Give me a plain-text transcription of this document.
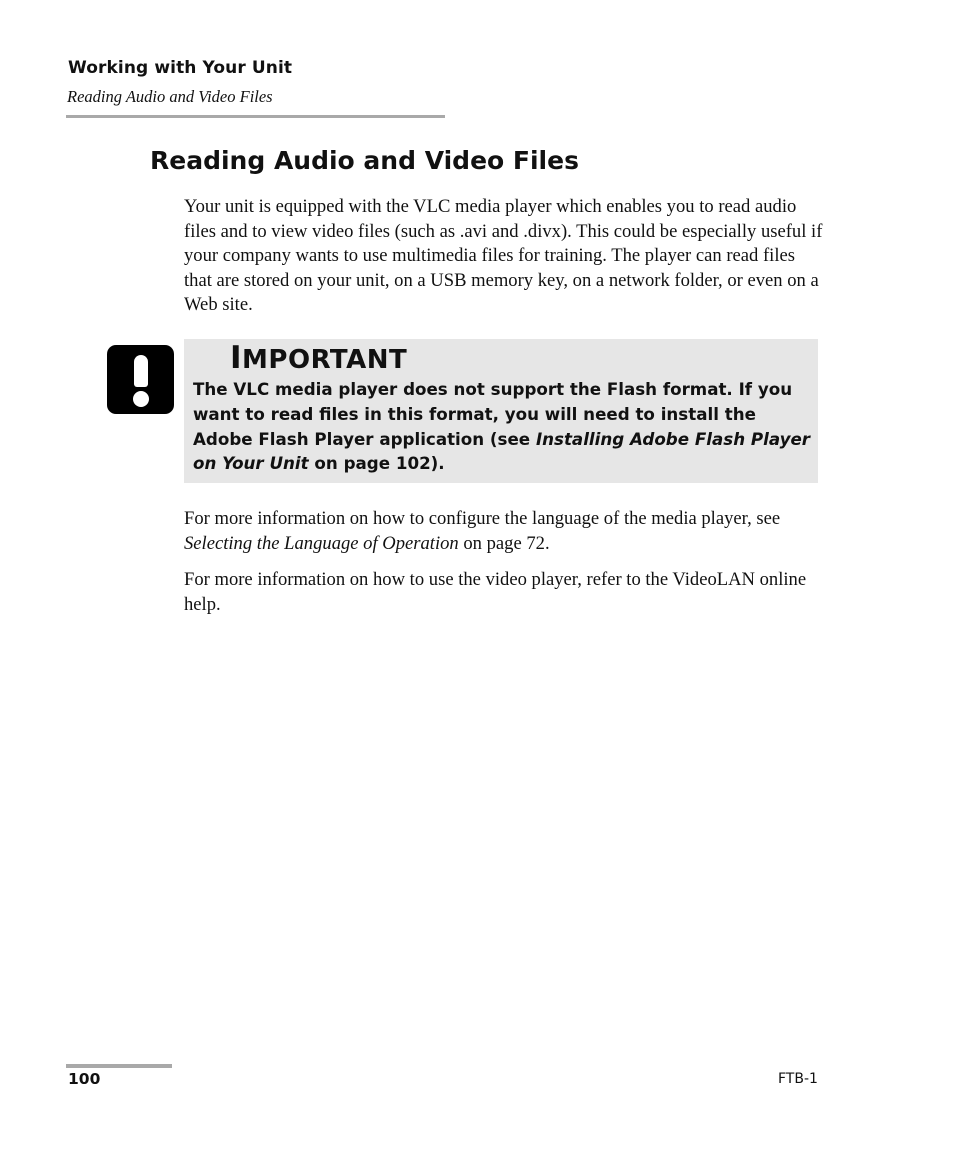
Working with Your Unit
Reading Audio and Video Files
Reading Audio and Video Files

Your unit is equipped with the VLC media player which enables you to read audio files and to view video files (such as .avi and .divx). This could be especially useful if your company wants to use multimedia files for training. The player can read files that are stored on your unit, on a USB memory key, on a network folder, or even on a Web site.

IMPORTANT

The VLC media player does not support the Flash format. If you want to read files in this format, you will need to install the Adobe Flash Player application (see Installing Adobe Flash Player on Your Unit on page 102).

For more information on how to configure the language of the media player, see Selecting the Language of Operation on page 72.

For more information on how to use the video player, refer to the VideoLAN online help.

100	FTB-1
